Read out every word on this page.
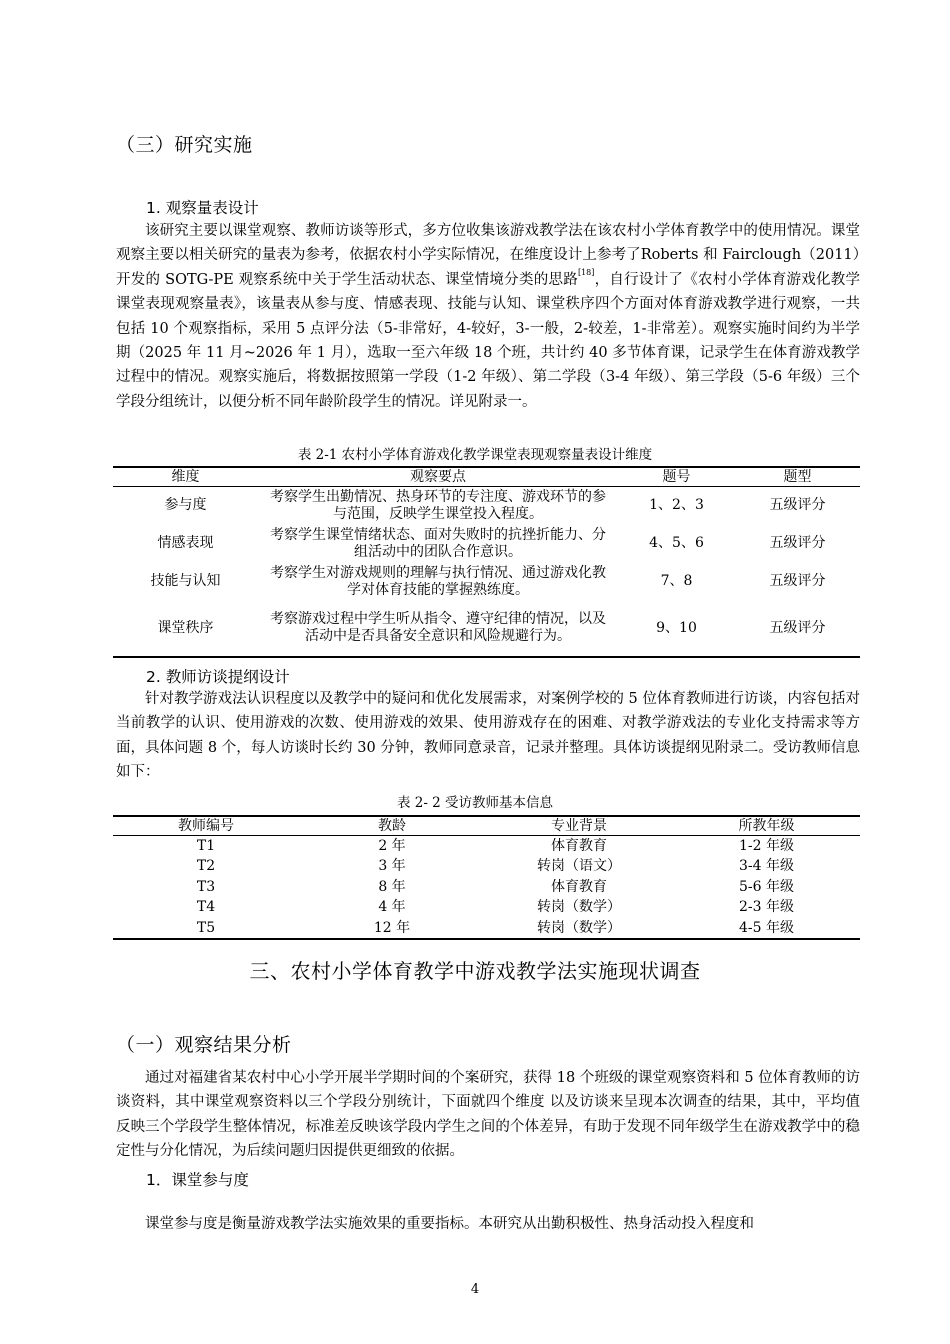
（三）研究实施
1. 观察量表设计

该研究主要以课堂观察、教师访谈等形式，多方位收集该游戏教学法在该农村小学体育教学中的使用情况。课堂观察主要以相关研究的量表为参考，依据农村小学实际情况，在维度设计上参考了Roberts 和 Fairclough（2011）开发的 SOTG-PE 观察系统中关于学生活动状态、课堂情境分类的思路[18]，自行设计了《农村小学体育游戏化教学课堂表现观察量表》，该量表从参与度、情感表现、技能与认知、课堂秩序四个方面对体育游戏教学进行观察，一共包括 10 个观察指标，采用 5 点评分法（5-非常好，4-较好，3-一般，2-较差，1-非常差）。观察实施时间约为半学期（2025 年 11 月~2026 年 1 月），选取一至六年级 18 个班，共计约 40 多节体育课，记录学生在体育游戏教学过程中的情况。观察实施后，将数据按照第一学段（1-2 年级）、第二学段（3-4 年级）、第三学段（5-6 年级）三个学段分组统计，以便分析不同年龄阶段学生的情况。详见附录一。

表 2-1 农村小学体育游戏化教学课堂表现观察量表设计维度
维度	观察要点	题号	题型
参与度	考察学生出勤情况、热身环节的专注度、游戏环节的参与范围，反映学生课堂投入程度。	1、2、3	五级评分
情感表现	考察学生课堂情绪状态、面对失败时的抗挫折能力、分组活动中的团队合作意识。	4、5、6	五级评分
技能与认知	考察学生对游戏规则的理解与执行情况、通过游戏化教学对体育技能的掌握熟练度。	7、8	五级评分
课堂秩序	考察游戏过程中学生听从指令、遵守纪律的情况，以及活动中是否具备安全意识和风险规避行为。	9、10	五级评分
2. 教师访谈提纲设计

针对教学游戏法认识程度以及教学中的疑问和优化发展需求，对案例学校的 5 位体育教师进行访谈，内容包括对当前教学的认识、使用游戏的次数、使用游戏的效果、使用游戏存在的困难、对教学游戏法的专业化支持需求等方面，具体问题 8 个，每人访谈时长约 30 分钟，教师同意录音，记录并整理。具体访谈提纲见附录二。受访教师信息如下：

表 2- 2 受访教师基本信息
教师编号	教龄	专业背景	所教年级
T1	2 年	体育教育	1-2 年级
T2	3 年	转岗（语文）	3-4 年级
T3	8 年	体育教育	5-6 年级
T4	4 年	转岗（数学）	2-3 年级
T5	12 年	转岗（数学）	4-5 年级
三、农村小学体育教学中游戏教学法实施现状调查
（一）观察结果分析

通过对福建省某农村中心小学开展半学期时间的个案研究，获得 18 个班级的课堂观察资料和 5 位体育教师的访谈资料，其中课堂观察资料以三个学段分别统计，下面就四个维度 以及访谈来呈现本次调查的结果，其中，平均值反映三个学段学生整体情况，标准差反映该学段内学生之间的个体差异，有助于发现不同年级学生在游戏教学中的稳定性与分化情况，为后续问题归因提供更细致的依据。

1．课堂参与度

课堂参与度是衡量游戏教学法实施效果的重要指标。本研究从出勤积极性、热身活动投入程度和

4
